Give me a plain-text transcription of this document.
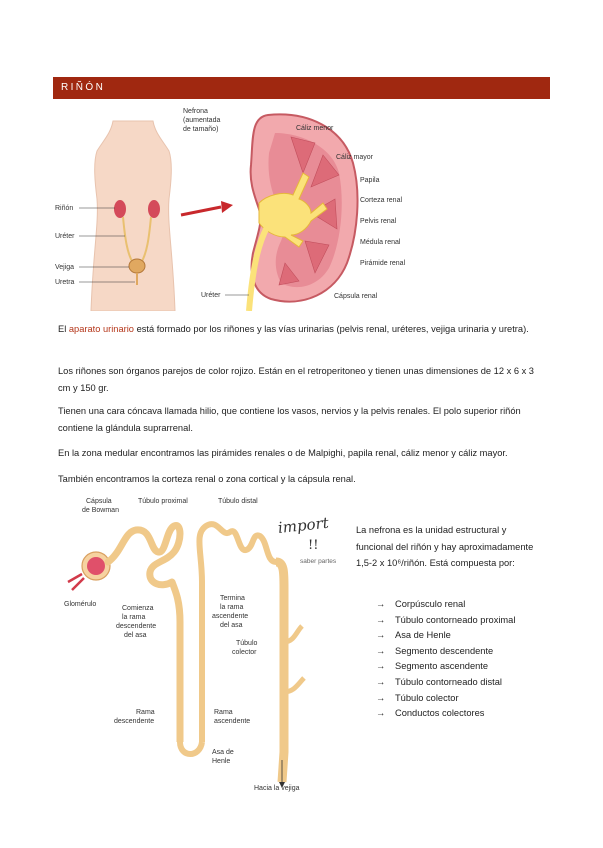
RIÑÓN
Riñón
Uréter
Vejiga
Uretra
Nefrona
(aumentada
de tamaño)	Cáliz menor
Cáliz mayor
Papila
Corteza renal
Pelvis renal
Médula renal
Pirámide renal
Cápsula renal
Uréter
El aparato urinario está formado por los riñones y las vías urinarias (pelvis renal, uréteres, vejiga urinaria y uretra).
Los riñones son órganos parejos de color rojizo. Están en el retroperitoneo y tienen unas dimensiones de 12 x 6 x 3 cm y 150 gr.
Tienen una cara cóncava llamada hilio, que contiene los vasos, nervios y la pelvis renales. El polo superior riñón contiene la glándula suprarrenal.
En la zona medular encontramos las pirámides renales o de Malpighi, papila renal, cáliz menor y cáliz mayor.
También encontramos la corteza renal o zona cortical y la cápsula renal.
Cápsula
de Bowman
Túbulo proximal	Túbulo distal
Glomérulo
Comienza
la rama
descendente
del asa
Termina
la rama
ascendente
del asa
Túbulo
colector
Rama
descendente
Rama
ascendente
Asa de
Henle
Hacia la vejiga
import
!!
saber partes
La nefrona es la unidad estructural y funcional del riñón y hay aproximadamente 1,5-2 x 10⁶/riñón. Está compuesta por:
→ Corpúsculo renal
→ Túbulo contorneado proximal
→ Asa de Henle
→ Segmento descendente
→ Segmento ascendente
→ Túbulo contorneado distal
→ Túbulo colector
→ Conductos colectores
